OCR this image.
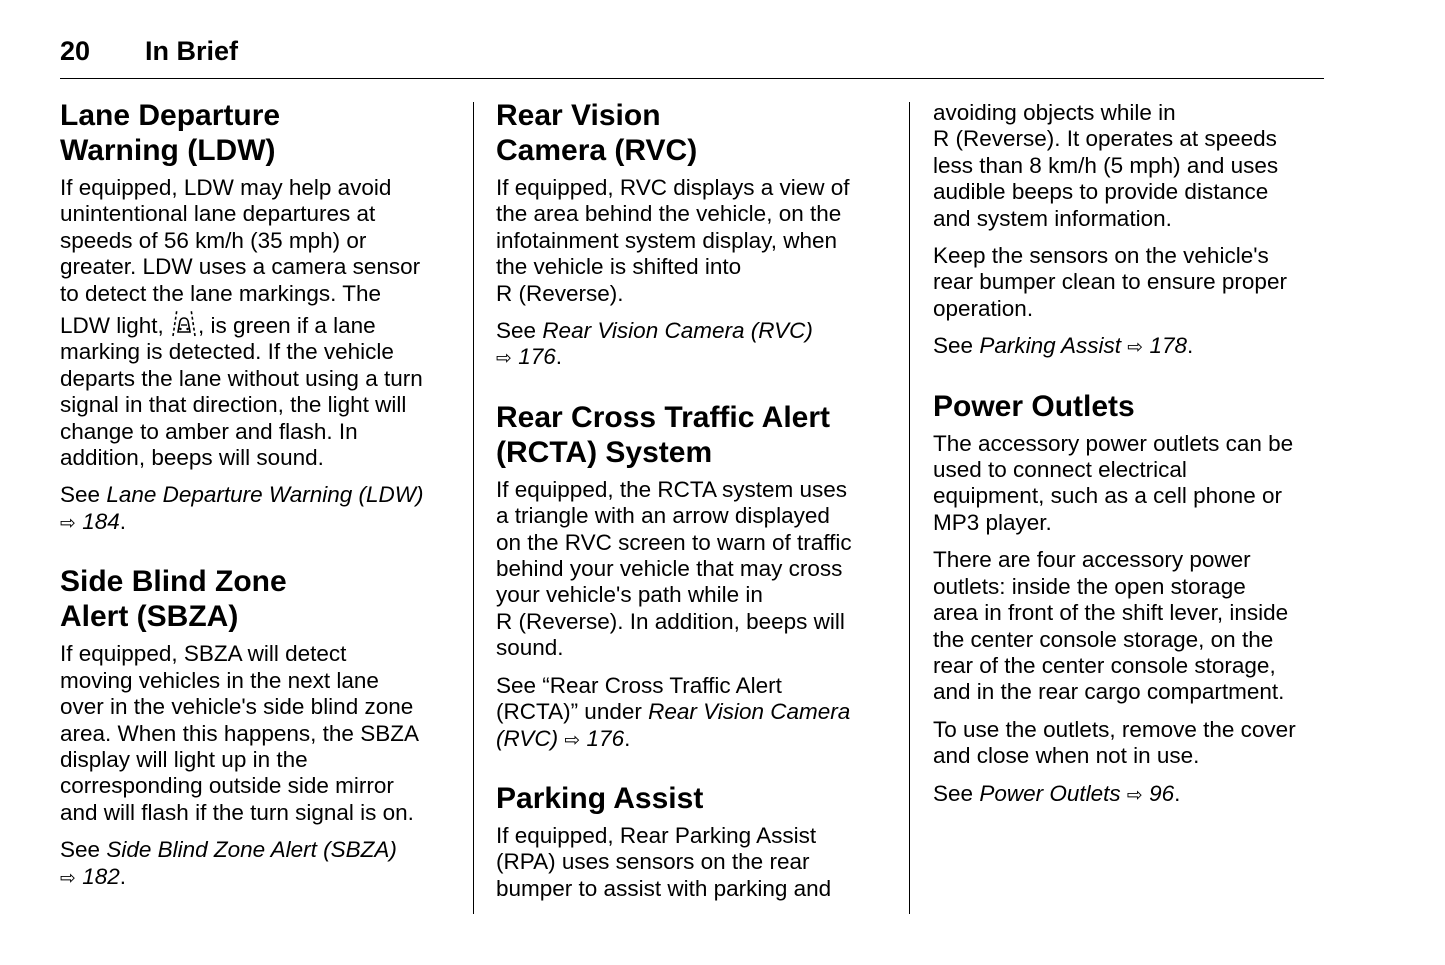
20 In Brief
Lane Departure
Warning (LDW)

If equipped, LDW may help avoid
unintentional lane departures at
speeds of 56 km/h (35 mph) or
greater. LDW uses a camera sensor
to detect the lane markings. The
LDW light, , is green if a lane
marking is detected. If the vehicle
departs the lane without using a turn
signal in that direction, the light will
change to amber and flash. In
addition, beeps will sound.

See Lane Departure Warning (LDW)
⇨ 184.

Side Blind Zone
Alert (SBZA)

If equipped, SBZA will detect
moving vehicles in the next lane
over in the vehicle's side blind zone
area. When this happens, the SBZA
display will light up in the
corresponding outside side mirror
and will flash if the turn signal is on.

See Side Blind Zone Alert (SBZA)
⇨ 182.

Rear Vision
Camera (RVC)

If equipped, RVC displays a view of
the area behind the vehicle, on the
infotainment system display, when
the vehicle is shifted into
R (Reverse).

See Rear Vision Camera (RVC)
⇨ 176.

Rear Cross Traffic Alert
(RCTA) System

If equipped, the RCTA system uses
a triangle with an arrow displayed
on the RVC screen to warn of traffic
behind your vehicle that may cross
your vehicle's path while in
R (Reverse). In addition, beeps will
sound.

See “Rear Cross Traffic Alert
(RCTA)” under Rear Vision Camera
(RVC) ⇨ 176.

Parking Assist

If equipped, Rear Parking Assist
(RPA) uses sensors on the rear
bumper to assist with parking and

avoiding objects while in
R (Reverse). It operates at speeds
less than 8 km/h (5 mph) and uses
audible beeps to provide distance
and system information.

Keep the sensors on the vehicle's
rear bumper clean to ensure proper
operation.

See Parking Assist ⇨ 178.

Power Outlets

The accessory power outlets can be
used to connect electrical
equipment, such as a cell phone or
MP3 player.

There are four accessory power
outlets: inside the open storage
area in front of the shift lever, inside
the center console storage, on the
rear of the center console storage,
and in the rear cargo compartment.

To use the outlets, remove the cover
and close when not in use.

See Power Outlets ⇨ 96.
